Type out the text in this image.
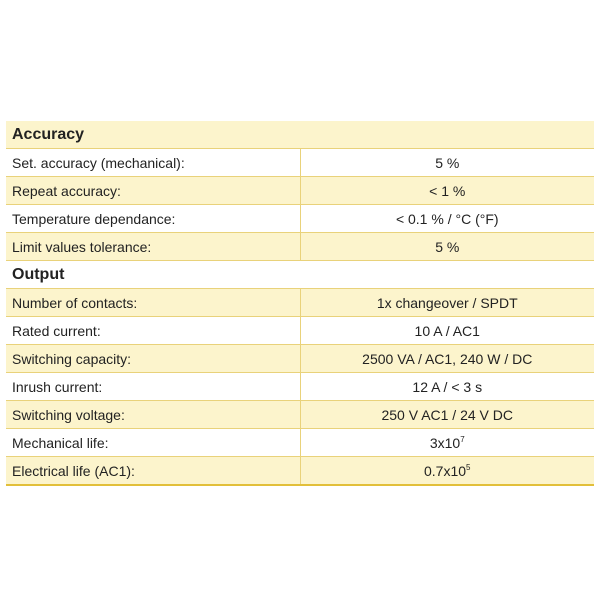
Accuracy	
Set. accuracy (mechanical):	5 %
Repeat accuracy:	< 1 %
Temperature dependance:	< 0.1 % / °C (°F)
Limit values tolerance:	5 %
Output	
Number of contacts:	1x changeover / SPDT
Rated current:	10 A / AC1
Switching capacity:	2500 VA / AC1, 240 W / DC
Inrush current:	12 A / < 3 s
Switching voltage:	250 V AC1 / 24 V DC
Mechanical life:	$3x10^7$
Electrical life (AC1):	$0.7x10^5$
